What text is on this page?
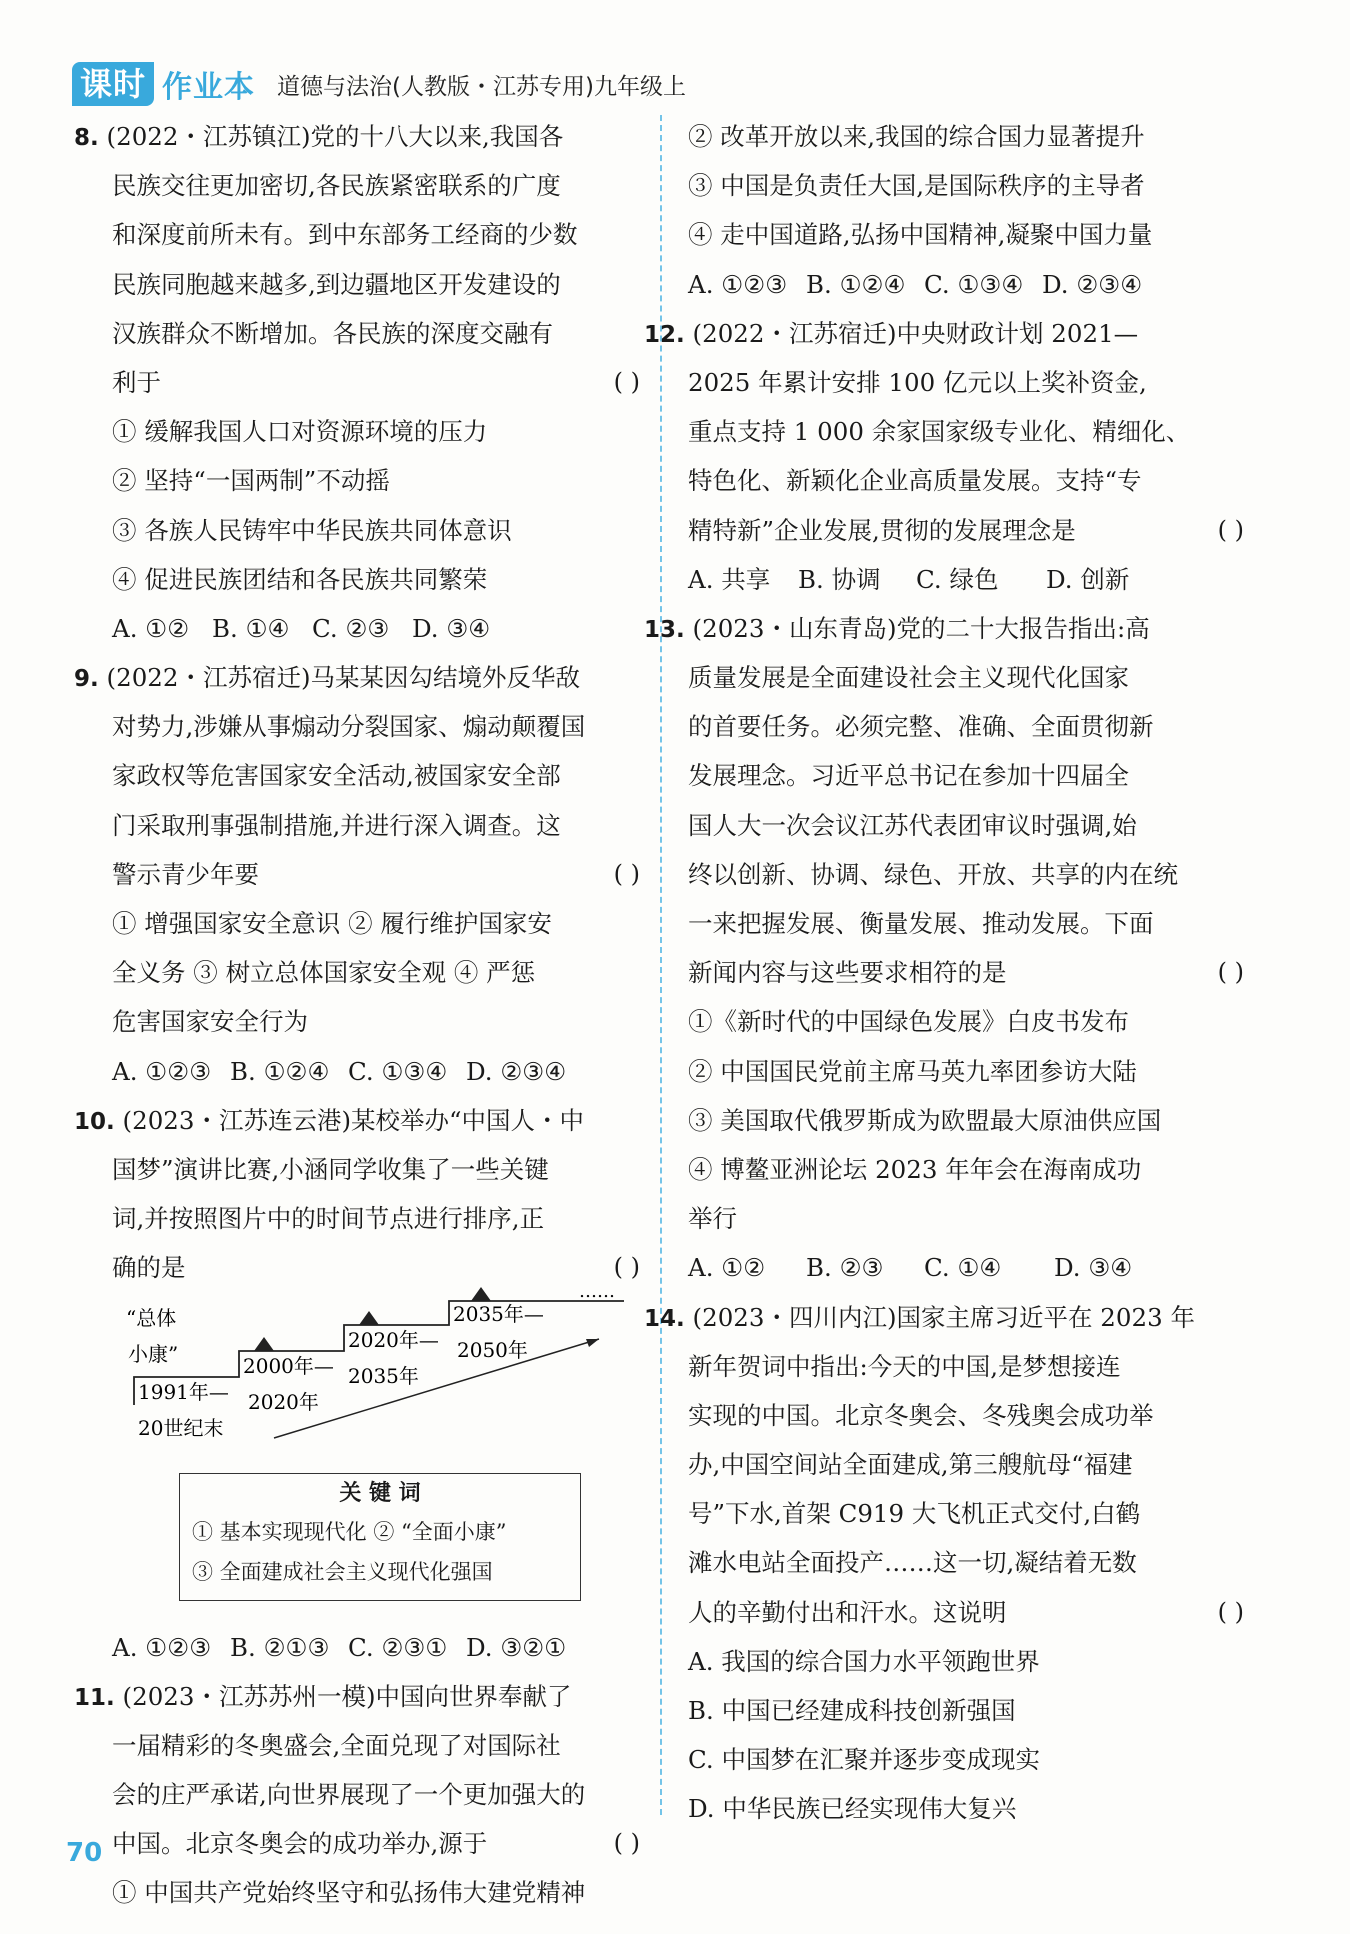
课时 作业本 道德与法治(人教版・江苏专用)九年级上
8. (2022・江苏镇江)党的十八大以来,我国各
民族交往更加密切,各民族紧密联系的广度
和深度前所未有。到中东部务工经商的少数
民族同胞越来越多,到边疆地区开发建设的
汉族群众不断增加。各民族的深度交融有
利于	( )
① 缓解我国人口对资源环境的压力
② 坚持“一国两制”不动摇
③ 各族人民铸牢中华民族共同体意识
④ 促进民族团结和各民族共同繁荣
A. ①② B. ①④ C. ②③ D. ③④
9. (2022・江苏宿迁)马某某因勾结境外反华敌
对势力,涉嫌从事煽动分裂国家、煽动颠覆国
家政权等危害国家安全活动,被国家安全部
门采取刑事强制措施,并进行深入调查。这
警示青少年要	( )
① 增强国家安全意识 ② 履行维护国家安
全义务 ③ 树立总体国家安全观 ④ 严惩
危害国家安全行为
A. ①②③ B. ①②④ C. ①③④ D. ②③④
10. (2023・江苏连云港)某校举办“中国人・中
国梦”演讲比赛,小涵同学收集了一些关键
词,并按照图片中的时间节点进行排序,正
确的是	( )
“总体
小康”
1991年—
20世纪末
2000年—
2020年
2020年—
2035年
2035年—
2050年
……
关 键 词
① 基本实现现代化 ② “全面小康”
③ 全面建成社会主义现代化强国
A. ①②③ B. ②①③ C. ②③① D. ③②①
11. (2023・江苏苏州一模)中国向世界奉献了
一届精彩的冬奥盛会,全面兑现了对国际社
会的庄严承诺,向世界展现了一个更加强大的
中国。北京冬奥会的成功举办,源于	( )
① 中国共产党始终坚守和弘扬伟大建党精神
② 改革开放以来,我国的综合国力显著提升
③ 中国是负责任大国,是国际秩序的主导者
④ 走中国道路,弘扬中国精神,凝聚中国力量
A. ①②③ B. ①②④ C. ①③④ D. ②③④
12. (2022・江苏宿迁)中央财政计划 2021—
2025 年累计安排 100 亿元以上奖补资金,
重点支持 1 000 余家国家级专业化、精细化、
特色化、新颖化企业高质量发展。支持“专
精特新”企业发展,贯彻的发展理念是	( )
A. 共享 B. 协调 C. 绿色 D. 创新
13. (2023・山东青岛)党的二十大报告指出:高
质量发展是全面建设社会主义现代化国家
的首要任务。必须完整、准确、全面贯彻新
发展理念。习近平总书记在参加十四届全
国人大一次会议江苏代表团审议时强调,始
终以创新、协调、绿色、开放、共享的内在统
一来把握发展、衡量发展、推动发展。下面
新闻内容与这些要求相符的是	( )
①《新时代的中国绿色发展》白皮书发布
② 中国国民党前主席马英九率团参访大陆
③ 美国取代俄罗斯成为欧盟最大原油供应国
④ 博鳌亚洲论坛 2023 年年会在海南成功
举行
A. ①② B. ②③ C. ①④ D. ③④
14. (2023・四川内江)国家主席习近平在 2023 年
新年贺词中指出:今天的中国,是梦想接连
实现的中国。北京冬奥会、冬残奥会成功举
办,中国空间站全面建成,第三艘航母“福建
号”下水,首架 C919 大飞机正式交付,白鹤
滩水电站全面投产……这一切,凝结着无数
人的辛勤付出和汗水。这说明	( )
A. 我国的综合国力水平领跑世界
B. 中国已经建成科技创新强国
C. 中国梦在汇聚并逐步变成现实
D. 中华民族已经实现伟大复兴
70
